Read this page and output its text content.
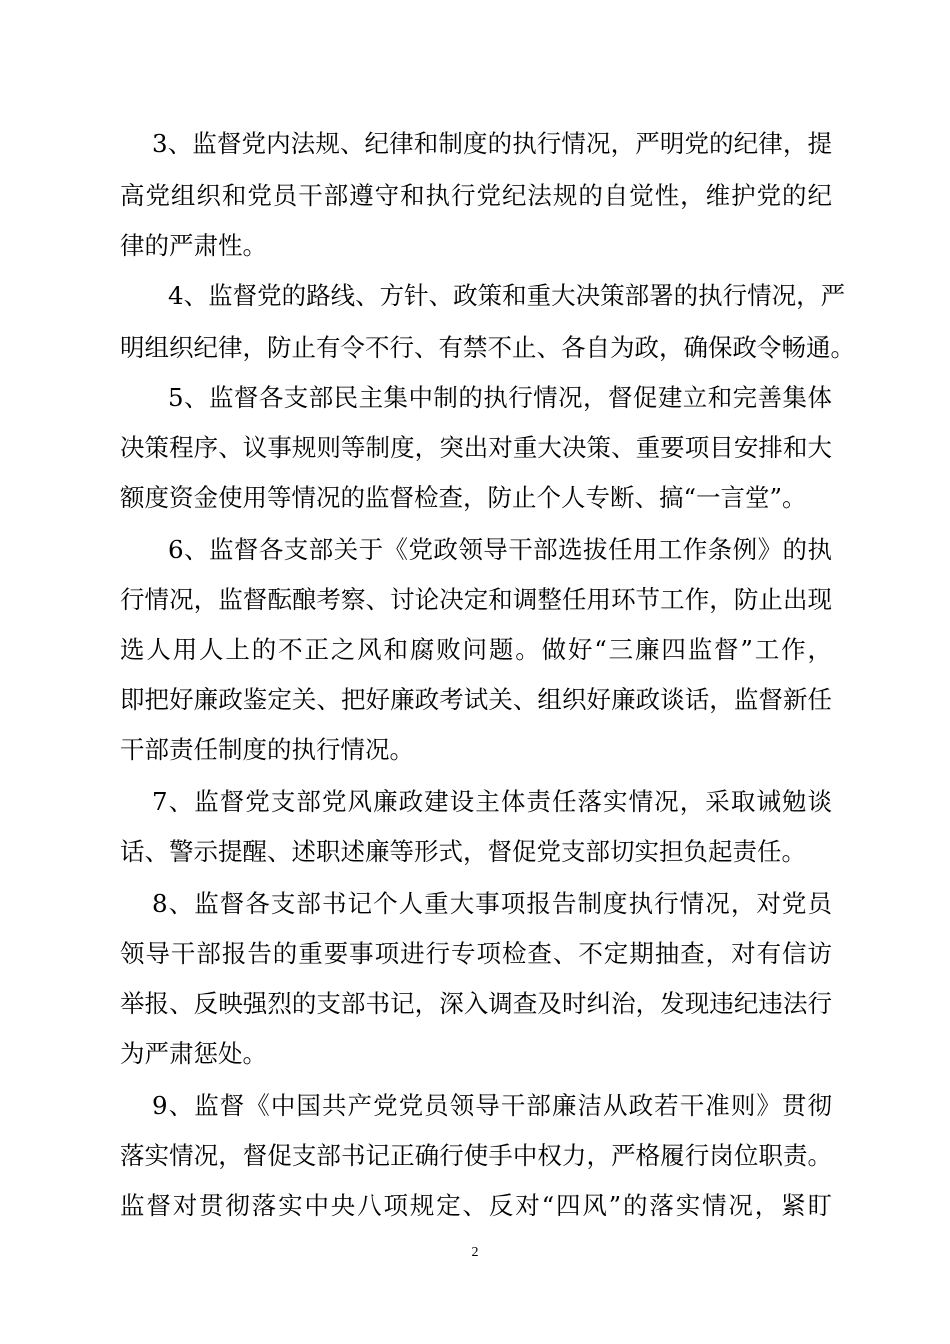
3、监督党内法规、纪律和制度的执行情况，严明党的纪律，提
高党组织和党员干部遵守和执行党纪法规的自觉性，维护党的纪
律的严肃性。
4、监督党的路线、方针、政策和重大决策部署的执行情况，严
明组织纪律，防止有令不行、有禁不止、各自为政，确保政令畅通。
5、监督各支部民主集中制的执行情况，督促建立和完善集体
决策程序、议事规则等制度，突出对重大决策、重要项目安排和大
额度资金使用等情况的监督检查，防止个人专断、搞“一言堂”。
6、监督各支部关于《党政领导干部选拔任用工作条例》的执
行情况，监督酝酿考察、讨论决定和调整任用环节工作，防止出现
选人用人上的不正之风和腐败问题。做好“三廉四监督”工作，
即把好廉政鉴定关、把好廉政考试关、组织好廉政谈话，监督新任
干部责任制度的执行情况。
7、监督党支部党风廉政建设主体责任落实情况，采取诫勉谈
话、警示提醒、述职述廉等形式，督促党支部切实担负起责任。
8、监督各支部书记个人重大事项报告制度执行情况，对党员
领导干部报告的重要事项进行专项检查、不定期抽查，对有信访
举报、反映强烈的支部书记，深入调查及时纠治，发现违纪违法行
为严肃惩处。
9、监督《中国共产党党员领导干部廉洁从政若干准则》贯彻
落实情况，督促支部书记正确行使手中权力，严格履行岗位职责。
监督对贯彻落实中央八项规定、反对“四风”的落实情况，紧盯
2
